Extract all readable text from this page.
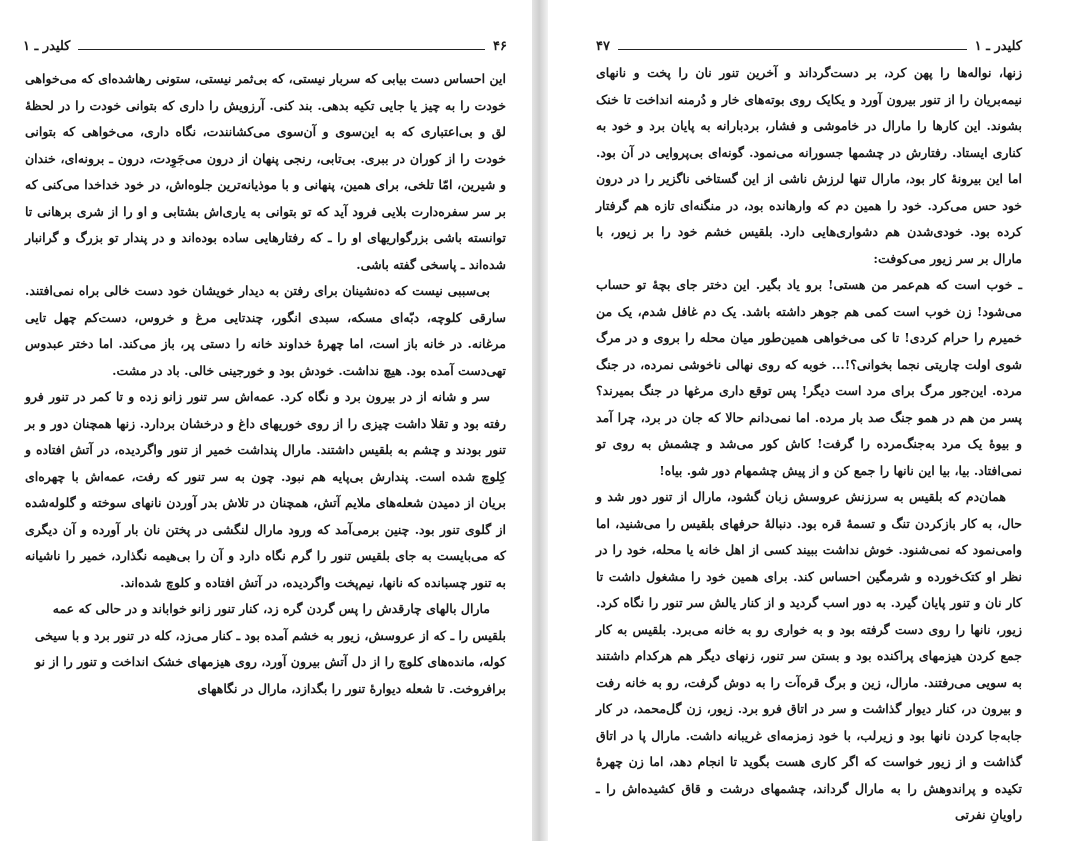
کلیدر ـ ۱	۴۶

این احساس دست بیابی که سربار نیستی، که بی‌ثمر نیستی، ستونی رهاشده‌ای که می‌خواهی خودت را به چیز یا جایی تکیه بدهی. بند کنی. آرزویش را داری که بتوانی خودت را در لحظهٔ لق و بی‌اعتباری که به این‌سوی و آن‌سوی می‌کشانندت، نگاه داری، می‌خواهی که بتوانی خودت را از کوران در ببری. بی‌تابی، رنجی پنهان از درون می‌جَوِدت، درون ـ برونه‌ای، خندان و شیرین، امّا تلخی، برای همین، پنهانی و با موذیانه‌ترین جلوه‌اش، در خود خداخدا می‌کنی که بر سر سفره‌دارت بلایی فرود آید که تو بتوانی به یاری‌اش بشتابی و او را از شری برهانی تا توانسته باشی بزرگواریهای او را ـ که رفتارهایی ساده بوده‌اند و در پندار تو بزرگ و گرانبار شده‌اند ـ پاسخی گفته باشی.

بی‌سببی نیست که ده‌نشینان برای رفتن به دیدار خویشان خود دست خالی براه نمی‌افتند. سارقی کلوچه، دبّه‌ای مسکه، سبدی انگور، چندتایی مرغ و خروس، دست‌کم چهل تایی مرغانه. در خانه باز است، اما چهرهٔ خداوند خانه را دستی پر، باز می‌کند. اما دختر عبدوس تهی‌دست آمده بود. هیچ نداشت. خودش بود و خورجینی خالی. باد در مشت.

سر و شانه از در بیرون برد و نگاه کرد. عمه‌اش سر تنور زانو زده و تا کمر در تنور فرو رفته بود و تقلا داشت چیزی را از روی خوریهای داغ و درخشان بردارد. زنها همچنان دور و بر تنور بودند و چشم به بلقیس داشتند. مارال پنداشت خمیر از تنور واگردیده، در آتش افتاده و کِلوچ شده است. پندارش بی‌پایه هم نبود. چون به سر تنور که رفت، عمه‌اش با چهره‌ای بریان از دمیدن شعله‌های ملایم آتش، همچنان در تلاش بدر آوردن نانهای سوخته و گلوله‌شده از گلوی تنور بود. چنین برمی‌آمد که ورود مارال لنگشی در پختن نان بار آورده و آن دیگری که می‌بایست به جای بلقیس تنور را گرم نگاه دارد و آن را بی‌هیمه نگذارد، خمیر را ناشیانه به تنور چسبانده که نانها، نیم‌پخت واگردیده، در آتش افتاده و کلوچ شده‌اند.

مارال بالهای چارقدش را پس گردن گره زد، کنار تنور زانو خواباند و در حالی که عمه بلقیس را ـ که از عروسش، زیور به خشم آمده بود ـ کنار می‌زد، کله در تنور برد و با سیخی کوله، مانده‌های کلوچ را از دل آتش بیرون آورد، روی هیزمهای خشک انداخت و تنور را از نو برافروخت. تا شعله دیوارهٔ تنور را بگدازد، مارال در نگاههای

۴۷	کلیدر ـ ۱

زنها، نواله‌ها را پهن کرد، بر دست‌گرداند و آخرین تنور نان را پخت و نانهای نیمه‌بریان را از تنور بیرون آورد و یکایک روی بوته‌های خار و دُرمنه انداخت تا خنک بشوند. این کارها را مارال در خاموشی و فشار، بردبارانه به پایان برد و خود به کناری ایستاد. رفتارش در چشمها جسورانه می‌نمود. گونه‌ای بی‌پروایی در آن بود. اما این بیرونهٔ کار بود، مارال تنها لرزش ناشی از این گستاخی ناگزیر را در درون خود حس می‌کرد. خود را همین دم که وارهانده بود، در منگنه‌ای تازه هم گرفتار کرده بود. خودی‌شدن هم دشواری‌هایی دارد. بلقیس خشم خود را بر زیور، با مارال بر سر زیور می‌کوفت:

ـ خوب است که هم‌عمر من هستی! برو یاد بگیر. این دختر جای بچهٔ تو حساب می‌شود! زن خوب است کمی هم جوهر داشته باشد. یک دم غافل شدم، یک من خمیرم را حرام کردی! تا کی می‌خواهی همین‌طور میان محله را بروی و در مرگ شوی اولت چاریتی نجما بخوانی؟!... خوبه که روی نهالی ناخوشی نمرده، در جنگ مرده. این‌جور مرگ برای مرد است دیگر! پس توقع داری مرغها در جنگ بمیرند؟ پسر من هم در همو جنگ صد بار مرده. اما نمی‌دانم حالا که جان در برد، چرا آمد و بیوهٔ یک مرد به‌جنگ‌مرده را گرفت! کاش کور می‌شد و چشمش به روی تو نمی‌افتاد. بیا، بیا این نانها را جمع کن و از پیش چشمهام دور شو. بیاه!

همان‌دم که بلقیس به سرزنش عروسش زبان گشود، مارال از تنور دور شد و حال، به کار بازکردن تنگ و تسمهٔ قره بود. دنبالهٔ حرفهای بلقیس را می‌شنید، اما وامی‌نمود که نمی‌شنود. خوش نداشت ببیند کسی از اهل خانه یا محله، خود را در نظر او کتک‌خورده و شرمگین احساس کند. برای همین خود را مشغول داشت تا کار نان و تنور پایان گیرد. به دور اسب گردید و از کنار یالش سر تنور را نگاه کرد. زیور، نانها را روی دست گرفته بود و به خواری رو به خانه می‌برد. بلقیس به کار جمع کردن هیزمهای پراکنده بود و بستن سر تنور، زنهای دیگر هم هرکدام داشتند به سویی می‌رفتند. مارال، زین و برگ قره‌آت را به دوش گرفت، رو به خانه رفت و بیرون در، کنار دیوار گذاشت و سر در اتاق فرو برد. زیور، زن گل‌محمد، در کار جابه‌جا کردن نانها بود و زیرلب، با خود زمزمه‌ای غریبانه داشت. مارال پا در اتاق گذاشت و از زیور خواست که اگر کاری هست بگوید تا انجام دهد، اما زن چهرهٔ تکیده و پراندوهش را به مارال گرداند، چشمهای درشت و قاق کشیده‌اش را ـ راویانِ نفرتی
